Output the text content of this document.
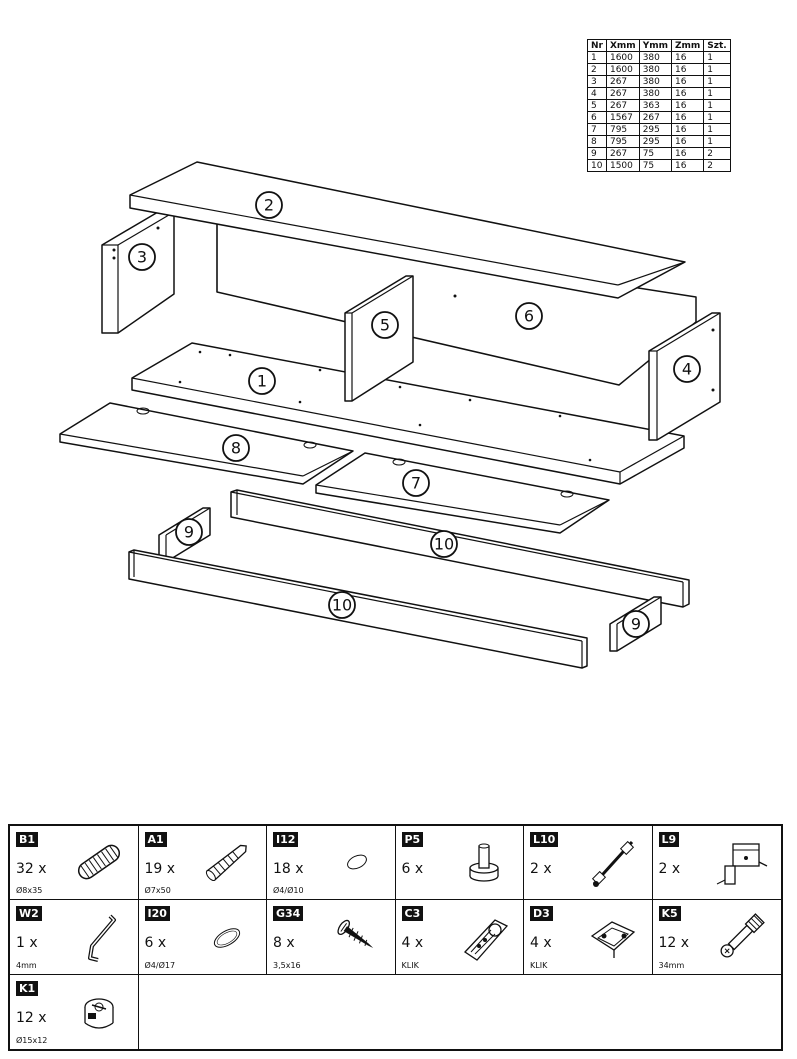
Nr	Xmm	Ymm	Zmm	Szt.
1	1600	380	16	1
2	1600	380	16	1
3	267	380	16	1
4	267	380	16	1
5	267	363	16	1
6	1567	267	16	1
7	795	295	16	1
8	795	295	16	1
9	267	75	16	2
10	1500	75	16	2
2
3
5	6
4
1
8
7
9
10
10
9
B1
32 x
Ø8x35
A1
19 x
Ø7x50
I12
18 x
Ø4/Ø10
P5
6 x
L10
2 x
L9
2 x
W2
1 x
4mm
I20
6 x
Ø4/Ø17
G34
8 x
3,5x16
C3
4 x
KLIK
D3
4 x
KLIK
K5
12 x
34mm
K1
12 x
Ø15x12
